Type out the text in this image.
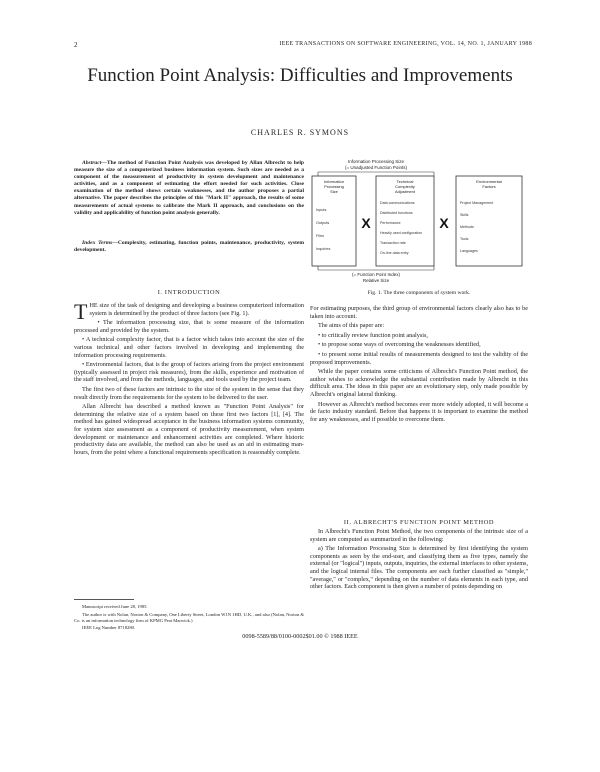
2	IEEE TRANSACTIONS ON SOFTWARE ENGINEERING, VOL. 14, NO. 1, JANUARY 1988
Function Point Analysis: Difficulties and Improvements
CHARLES R. SYMONS
Abstract—The method of Function Point Analysis was developed by Allan Albrecht to help measure the size of a computerized business information system. Such sizes are needed as a component of the measurement of productivity in system development and maintenance activities, and as a component of estimating the effort needed for such activities. Close examination of the method shows certain weaknesses, and the author proposes a partial alternative. The paper describes the principles of this "Mark II" approach, the results of some measurements of actual systems to calibrate the Mark II approach, and conclusions on the validity and applicability of function point analysis generally.
Index Terms—Complexity, estimating, function points, maintenance, productivity, system development.
I. INTRODUCTION

THE size of the task of designing and developing a business computerized information system is determined by the product of three factors (see Fig. 1).

• The information processing size, that is some measure of the information processed and provided by the system.

• A technical complexity factor, that is a factor which takes into account the size of the various technical and other factors involved in developing and implementing the information processing requirements.

• Environmental factors, that is the group of factors arising from the project environment (typically assessed in project risk measures), from the skills, experience and motivation of the staff involved, and from the methods, languages, and tools used by the project team.

The first two of these factors are intrinsic to the size of the system in the sense that they result directly from the requirements for the system to be delivered to the user.

Allan Albrecht has described a method known as "Function Point Analysis" for determining the relative size of a system based on these first two factors [1], [4]. The method has gained widespread acceptance in the business information systems community, for system size assessment as a component of productivity measurement, when system development or maintenance and enhancement activities are completed. Where historic productivity data are available, the method can also be used as an aid in estimating man-hours, from the point where a functional requirements specification is reasonably complete.

Manuscript received June 28, 1985.

The author is with Nolan, Norton & Company, One Liberty Street, London W1N 1HD, U.K., and also (Nolan, Norton & Co. is an information technology firm of KPMG Peat Marwick.)

IEEE Log Number 8718280.

Information Processing Size
(= Unadjusted Function Points)
Information Processing Size
Inputs
Outputs
Files
Inquiries
X
Technical Complexity Adjustment
Data communications
Distributed functions
Performance
Heavily used configuration
Transaction rate
On-line data entry
X
Environmental Factors
Project Management
Skills
Methods
Tools
Languages
(= Function Point Index)
Relative Size
Fig. 1. The three components of system work.

For estimating purposes, the third group of environmental factors clearly also has to be taken into account.

The aims of this paper are:

• to critically review function point analysis,

• to propose some ways of overcoming the weaknesses identified,

• to present some initial results of measurements designed to test the validity of the proposed improvements.

While the paper contains some criticisms of Albrecht's Function Point method, the author wishes to acknowledge the substantial contribution made by Albrecht in this difficult area. The ideas in this paper are an evolutionary step, only made possible by Albrecht's original lateral thinking.

However as Albrecht's method becomes ever more widely adopted, it will become a de facto industry standard. Before that happens it is important to examine the method for any weaknesses, and if possible to overcome them.

II. ALBRECHT'S FUNCTION POINT METHOD

In Albrecht's Function Point Method, the two components of the intrinsic size of a system are computed as summarized in the following:

a) The Information Processing Size is determined by first identifying the system components as seen by the end-user, and classifying them as five types, namely the external (or "logical") inputs, outputs, inquiries, the external interfaces to other systems, and the logical internal files. The components are each further classified as "simple," "average," or "complex," depending on the number of data elements in each type, and other factors. Each component is then given a number of points depending on

0098-5589/88/0100-0002$01.00 © 1988 IEEE
